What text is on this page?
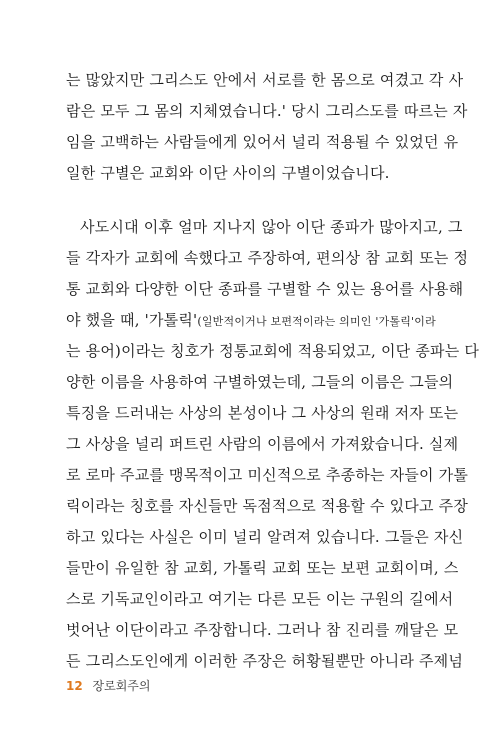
는 많았지만 그리스도 안에서 서로를 한 몸으로 여겼고 각 사
람은 모두 그 몸의 지체였습니다.' 당시 그리스도를 따르는 자
임을 고백하는 사람들에게 있어서 널리 적용될 수 있었던 유
일한 구별은 교회와 이단 사이의 구별이었습니다.
사도시대 이후 얼마 지나지 않아 이단 종파가 많아지고, 그
들 각자가 교회에 속했다고 주장하여, 편의상 참 교회 또는 정
통 교회와 다양한 이단 종파를 구별할 수 있는 용어를 사용해
야 했을 때, '가톨릭'(일반적이거나 보편적이라는 의미인 '가톨릭'이라
는 용어)이라는 칭호가 정통교회에 적용되었고, 이단 종파는 다
양한 이름을 사용하여 구별하였는데, 그들의 이름은 그들의
특징을 드러내는 사상의 본성이나 그 사상의 원래 저자 또는
그 사상을 널리 퍼트린 사람의 이름에서 가져왔습니다. 실제
로 로마 주교를 맹목적이고 미신적으로 추종하는 자들이 가톨
릭이라는 칭호를 자신들만 독점적으로 적용할 수 있다고 주장
하고 있다는 사실은 이미 널리 알려져 있습니다. 그들은 자신
들만이 유일한 참 교회, 가톨릭 교회 또는 보편 교회이며, 스
스로 기독교인이라고 여기는 다른 모든 이는 구원의 길에서
벗어난 이단이라고 주장합니다. 그러나 참 진리를 깨달은 모
든 그리스도인에게 이러한 주장은 허황될뿐만 아니라 주제넘
12 장로회주의
